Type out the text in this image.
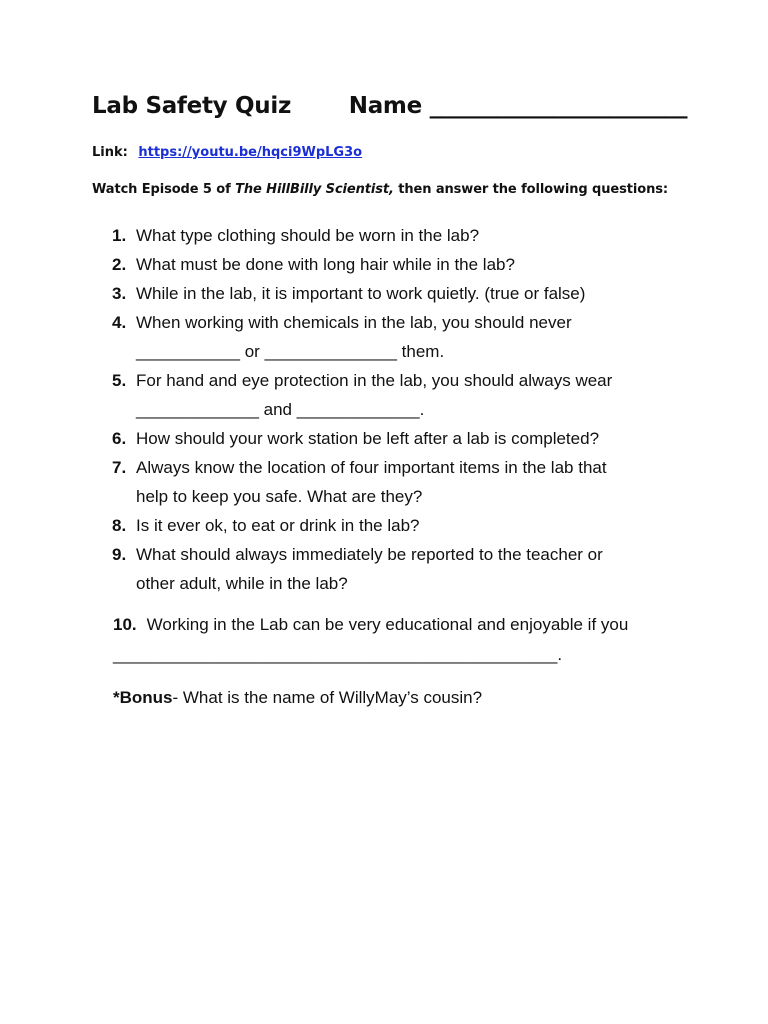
Lab Safety Quiz	Name _______________________
Link: https://youtu.be/hqci9WpLG3o
Watch Episode 5 of The HillBilly Scientist, then answer the following questions:
1. What type clothing should be worn in the lab?
2. What must be done with long hair while in the lab?
3. While in the lab, it is important to work quietly. (true or false)
4. When working with chemicals in the lab, you should never
___________ or ______________ them.
5. For hand and eye protection in the lab, you should always wear
_____________ and _____________.
6. How should your work station be left after a lab is completed?
7. Always know the location of four important items in the lab that
help to keep you safe. What are they?
8. Is it ever ok, to eat or drink in the lab?
9. What should always immediately be reported to the teacher or
other adult, while in the lab?
10. Working in the Lab can be very educational and enjoyable if you
_______________________________________________.
*Bonus- What is the name of WillyMay’s cousin?
